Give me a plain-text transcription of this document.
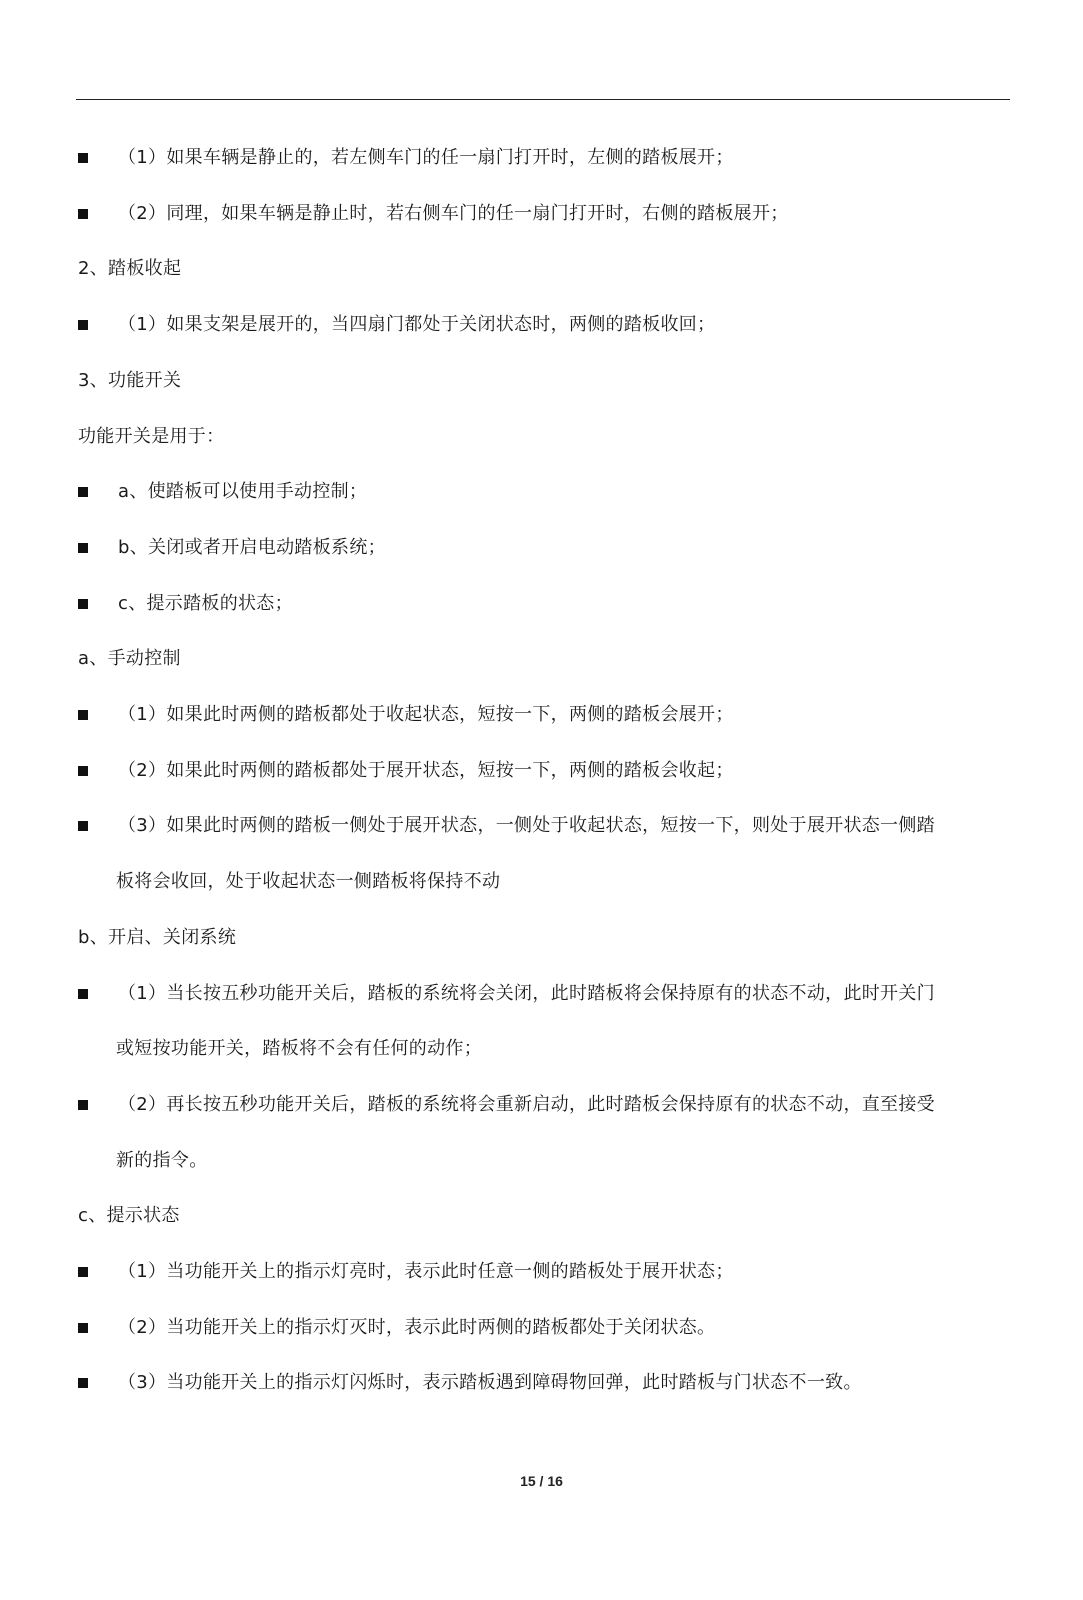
（1）如果车辆是静止的，若左侧车门的任一扇门打开时，左侧的踏板展开；
（2）同理，如果车辆是静止时，若右侧车门的任一扇门打开时，右侧的踏板展开；
2、踏板收起
（1）如果支架是展开的，当四扇门都处于关闭状态时，两侧的踏板收回；
3、功能开关
功能开关是用于：
a、使踏板可以使用手动控制；
b、关闭或者开启电动踏板系统；
c、提示踏板的状态；
a、手动控制
（1）如果此时两侧的踏板都处于收起状态，短按一下，两侧的踏板会展开；
（2）如果此时两侧的踏板都处于展开状态，短按一下，两侧的踏板会收起；
（3）如果此时两侧的踏板一侧处于展开状态，一侧处于收起状态，短按一下，则处于展开状态一侧踏
板将会收回，处于收起状态一侧踏板将保持不动
b、开启、关闭系统
（1）当长按五秒功能开关后，踏板的系统将会关闭，此时踏板将会保持原有的状态不动，此时开关门
或短按功能开关，踏板将不会有任何的动作；
（2）再长按五秒功能开关后，踏板的系统将会重新启动，此时踏板会保持原有的状态不动，直至接受
新的指令。
c、提示状态
（1）当功能开关上的指示灯亮时，表示此时任意一侧的踏板处于展开状态；
（2）当功能开关上的指示灯灭时，表示此时两侧的踏板都处于关闭状态。
（3）当功能开关上的指示灯闪烁时，表示踏板遇到障碍物回弹，此时踏板与门状态不一致。
15 / 16
